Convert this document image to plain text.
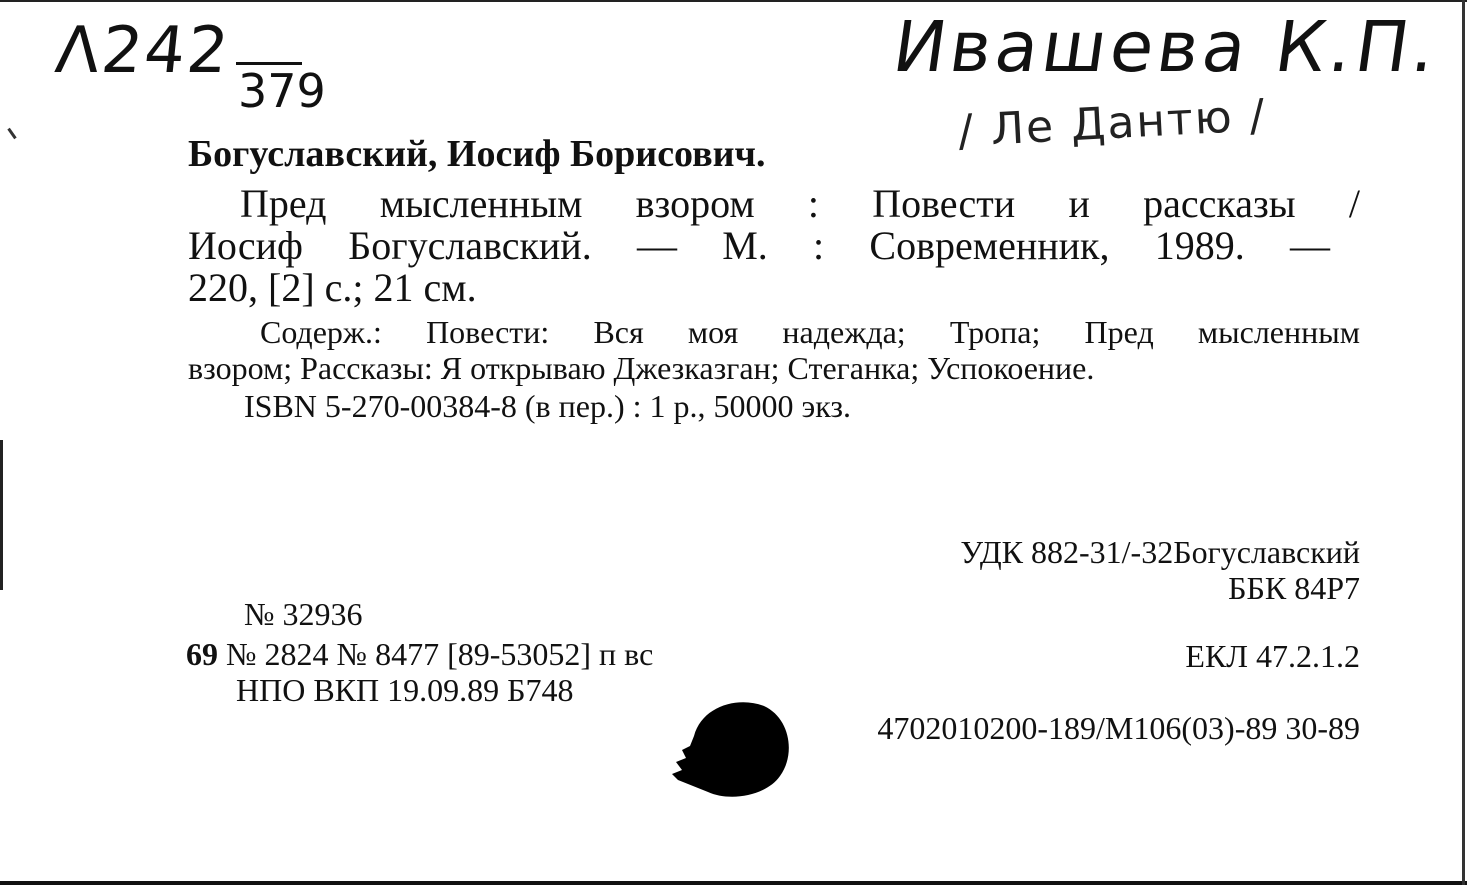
Λ242
379
Ивашева К.П.
/ Ле Дантю /
Богуславский, Иосиф Борисович.
Пред мысленным взором : Повести и рассказы /
Иосиф Богуславский. — М. : Современник, 1989. —
220, [2] с.; 21 см.
Содерж.: Повести: Вся моя надежда; Тропа; Пред мысленным
взором; Рассказы: Я открываю Джезказган; Стеганка; Успокоение.
ISBN 5-270-00384-8 (в пер.) : 1 р., 50000 экз.
УДК 882-31/-32Богуславский
ББК 84Р7
№ 32936
69 № 2824 № 8477 [89-53052] п вс	ЕКЛ 47.2.1.2
НПО ВКП 19.09.89 Б748
4702010200-189/М106(03)-89 30-89
